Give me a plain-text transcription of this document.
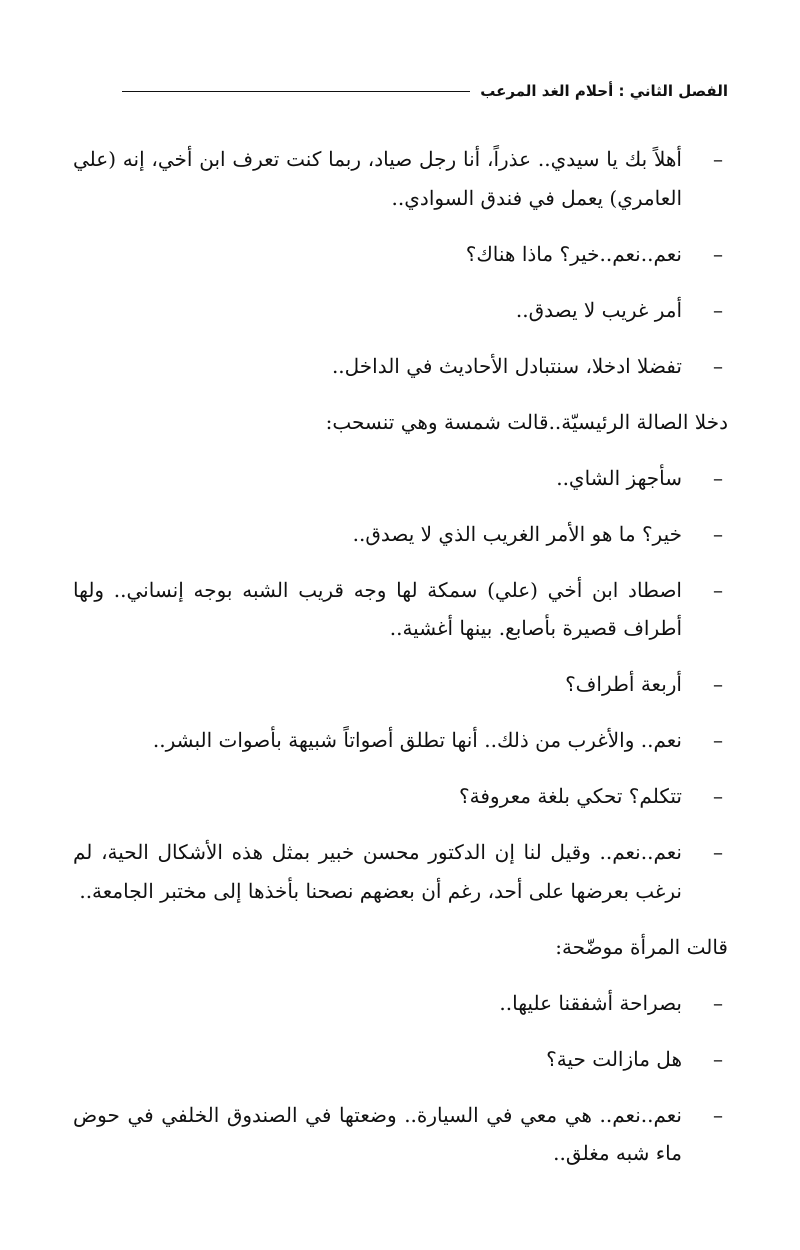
الفصل الثاني : أحلام الغد المرعب

–
أهلاً بك يا سيدي.. عذراً، أنا رجل صياد، ربما كنت تعرف ابن أخي، إنه (علي العامري) يعمل في فندق السوادي..

–
نعم..نعم..خير؟ ماذا هناك؟

–
أمر غريب لا يصدق..

–
تفضلا ادخلا، سنتبادل الأحاديث في الداخل..

دخلا الصالة الرئيسيّة..قالت شمسة وهي تنسحب:

–
سأجهز الشاي..

–
خير؟ ما هو الأمر الغريب الذي لا يصدق..

–
اصطاد ابن أخي (علي) سمكة لها وجه قريب الشبه بوجه إنساني.. ولها أطراف قصيرة بأصابع. بينها أغشية..

–
أربعة أطراف؟

–
نعم.. والأغرب من ذلك.. أنها تطلق أصواتاً شبيهة بأصوات البشر..

–
تتكلم؟ تحكي بلغة معروفة؟

–
نعم..نعم.. وقيل لنا إن الدكتور محسن خبير بمثل هذه الأشكال الحية، لم نرغب بعرضها على أحد، رغم أن بعضهم نصحنا بأخذها إلى مختبر الجامعة..

قالت المرأة موضّحة:

–
بصراحة أشفقنا عليها..

–
هل مازالت حية؟

–
نعم..نعم.. هي معي في السيارة.. وضعتها في الصندوق الخلفي في حوض ماء شبه مغلق..
